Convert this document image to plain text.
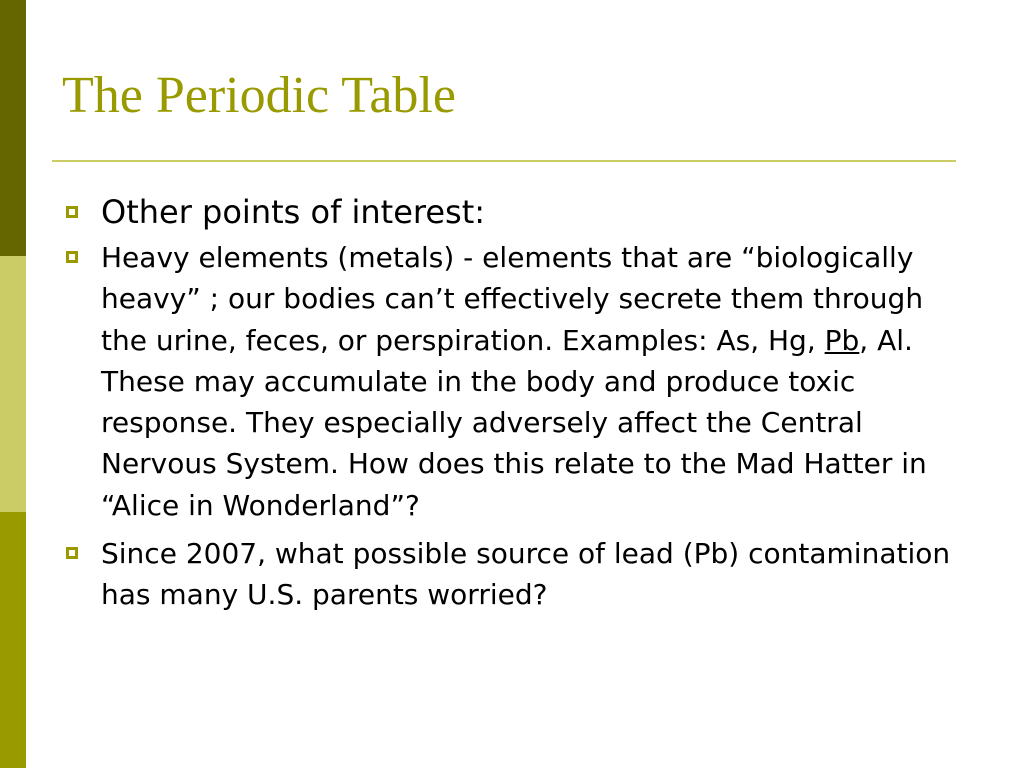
The Periodic Table
Other points of interest:
Heavy elements (metals) - elements that are “biologically heavy” ; our bodies can’t effectively secrete them through the urine, feces, or perspiration. Examples: As, Hg, Pb, Al. These may accumulate in the body and produce toxic response. They especially adversely affect the Central Nervous System. How does this relate to the Mad Hatter in “Alice in Wonderland”?
Since 2007, what possible source of lead (Pb) contamination has many U.S. parents worried?
